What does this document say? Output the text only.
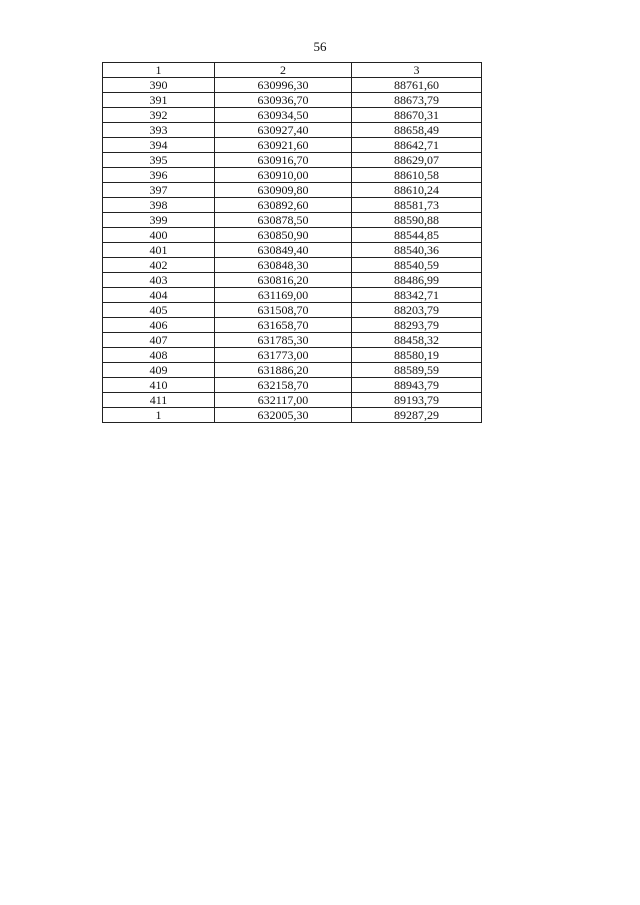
56
1	2	3
390	630996,30	88761,60
391	630936,70	88673,79
392	630934,50	88670,31
393	630927,40	88658,49
394	630921,60	88642,71
395	630916,70	88629,07
396	630910,00	88610,58
397	630909,80	88610,24
398	630892,60	88581,73
399	630878,50	88590,88
400	630850,90	88544,85
401	630849,40	88540,36
402	630848,30	88540,59
403	630816,20	88486,99
404	631169,00	88342,71
405	631508,70	88203,79
406	631658,70	88293,79
407	631785,30	88458,32
408	631773,00	88580,19
409	631886,20	88589,59
410	632158,70	88943,79
411	632117,00	89193,79
1	632005,30	89287,29
